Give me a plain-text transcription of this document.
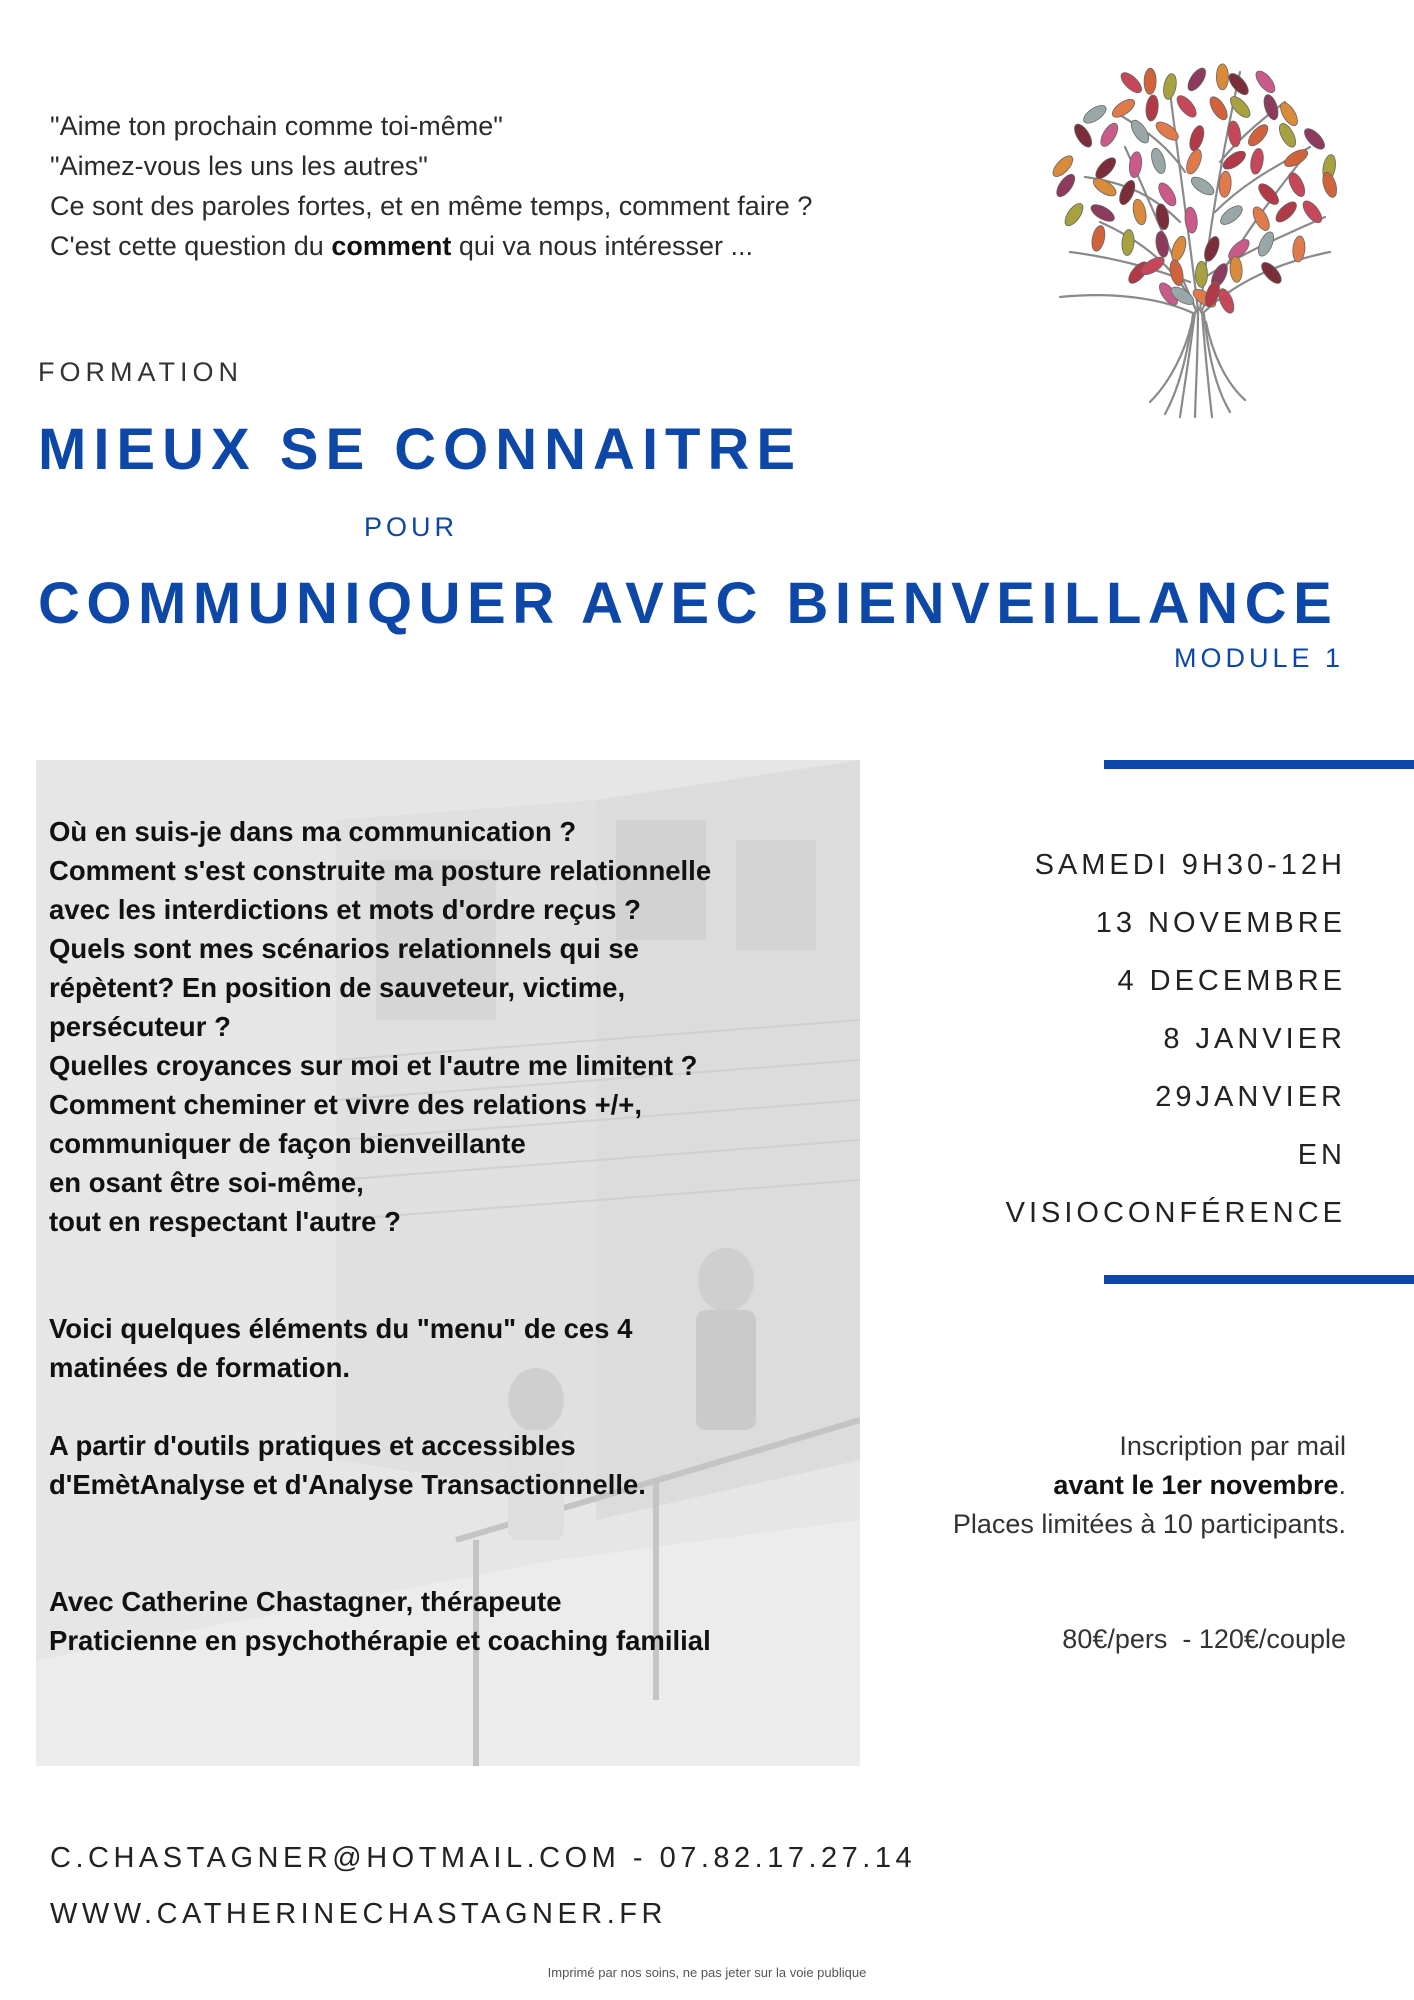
"Aime ton prochain comme toi-même"
"Aimez-vous les uns les autres"
Ce sont des paroles fortes, et en même temps, comment faire ?
C'est cette question du comment qui va nous intéresser ...
FORMATION
MIEUX SE CONNAITRE
POUR
COMMUNIQUER AVEC BIENVEILLANCE
MODULE 1

Où en suis-je dans ma communication ?

Comment s'est construite ma posture relationnelle

avec les interdictions et mots d'ordre reçus ?

Quels sont mes scénarios relationnels qui se

répètent? En position de sauveteur, victime,

persécuteur ?

Quelles croyances sur moi et l'autre me limitent ?

Comment cheminer et vivre des relations +/+,

communiquer de façon bienveillante

en osant être soi-même,

tout en respectant l'autre ?

Voici quelques éléments du "menu" de ces 4

matinées de formation.

A partir d'outils pratiques et accessibles

d'EmètAnalyse et d'Analyse Transactionnelle.

Avec Catherine Chastagner, thérapeute

Praticienne en psychothérapie et coaching familial

SAMEDI 9H30-12H
13 NOVEMBRE
4 DECEMBRE
8 JANVIER
29JANVIER
EN
VISIOCONFÉRENCE
Inscription par mail
avant le 1er novembre.
Places limitées à 10 participants.
80€/pers  - 120€/couple
C.CHASTAGNER@HOTMAIL.COM - 07.82.17.27.14
WWW.CATHERINECHASTAGNER.FR
Imprimé par nos soins, ne pas jeter sur la voie publique
